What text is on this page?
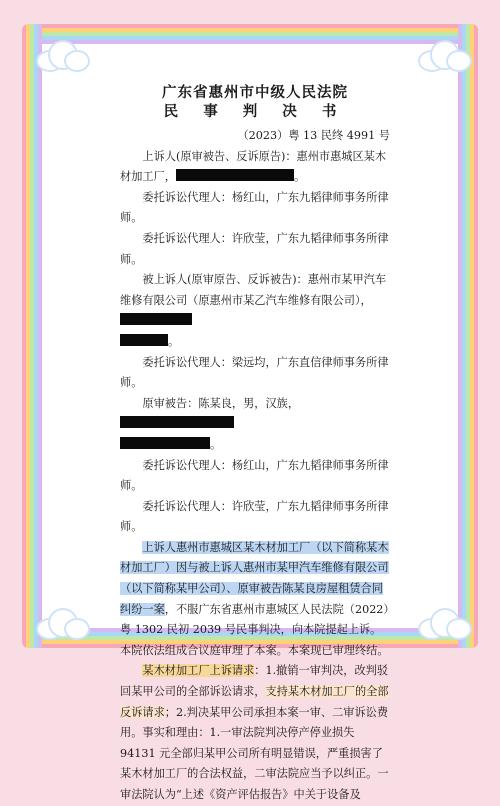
广东省惠州市中级人民法院
民 事 判 决 书
（2023）粤 13 民终 4991 号

上诉人(原审被告、反诉原告)：惠州市惠城区某木材加工厂，	。

委托诉讼代理人：杨红山，广东九韬律师事务所律师。

委托诉讼代理人：许欣莹，广东九韬律师事务所律师。

被上诉人(原审原告、反诉被告)：惠州市某甲汽车维修有限公司（原惠州市某乙汽车维修有限公司），
。

委托诉讼代理人：梁远均，广东直信律师事务所律师。

原审被告：陈某良，男，汉族，
。

委托诉讼代理人：杨红山，广东九韬律师事务所律师。

委托诉讼代理人：许欣莹，广东九韬律师事务所律师。

上诉人惠州市惠城区某木材加工厂（以下简称某木材加工厂）因与被上诉人惠州市某甲汽车维修有限公司（以下简称某甲公司）、原审被告陈某良房屋租赁合同纠纷一案，不服广东省惠州市惠城区人民法院（2022）粤 1302 民初 2039 号民事判决，向本院提起上诉。本院依法组成合议庭审理了本案。本案现已审理终结。

某木材加工厂上诉请求：1.撤销一审判决，改判驳回某甲公司的全部诉讼请求，支持某木材加工厂的全部反诉请求；2.判决某甲公司承担本案一审、二审诉讼费用。事实和理由：1.一审法院判决停产停业损失 94131 元全部归某甲公司所有明显错误，严重损害了某木材加工厂的合法权益，二审法院应当予以纠正。一审法院认为“上述《资产评估报告》中关于设备及
